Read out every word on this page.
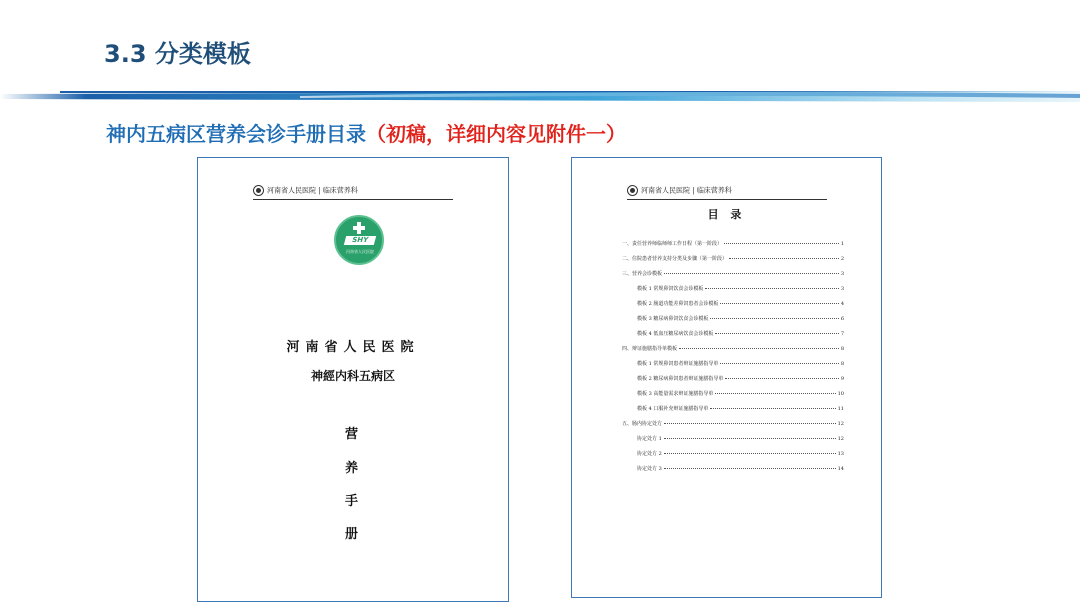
3.3 分类模板
神内五病区营养会诊手册目录（初稿，详细内容见附件一）
河南省人民医院 | 临床营养科
SHY
河南省人民医院
河南省人民医院
神經内科五病区
营
养
手
册
河南省人民医院 | 临床营养科
目 录
一、责任营养师临师师工作日程（第一阶段）	1
二、住院患者营养支持分类及步骤（第一阶段）	2
三、营养会诊模板	3
模板 1 常规鼻饲饮食会诊模板	3
模板 2 肠道功能差鼻饲患者会诊模板	4
模板 3 糖尿病鼻饲饮食会诊模板	6
模板 4 低血压糖尿病饮食会诊模板	7
四、辩证施膳指导单模板	8
模板 1 常规鼻饲患者辩证施膳指导单	8
模板 2 糖尿病鼻饲患者辩证施膳指导单	9
模板 3 高能量需求辩证施膳指导单	10
模板 4 口服补充辩证施膳指导单	11
五、肠内协定处方	12
协定处方 1	12
协定处方 2	13
协定处方 3	14
